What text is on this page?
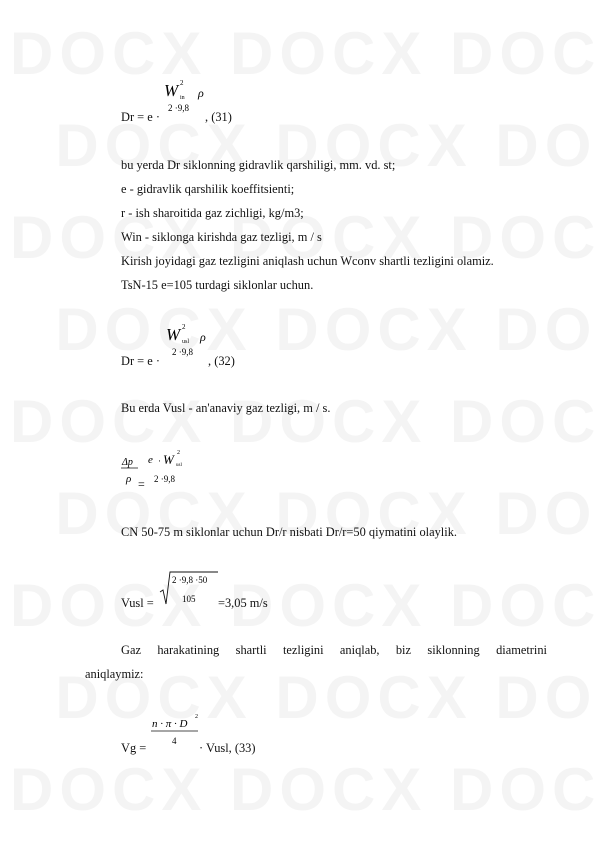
W 2
in ρ
2 ·9,8
Dr = e ·	, (31)
bu yerda Dr siklonning gidravlik qarshiligi, mm. vd. st;
e - gidravlik qarshilik koeffitsienti;
r - ish sharoitida gaz zichligi, kg/m3;
Win - siklonga kirishda gaz tezligi, m / s
Kirish joyidagi gaz tezligini aniqlash uchun Wconv shartli tezligini olamiz.
TsN-15 e=105 turdagi siklonlar uchun.
W 2
usl ρ
2 ·9,8
Dr = e ·	, (32)
Bu erda Vusl - an'anaviy gaz tezligi, m / s.
Δp
ρ =
e · W 2
usl
2 ·9,8
CN 50-75 m siklonlar uchun Dr/r nisbati Dr/r=50 qiymatini olaylik.
Vusl =
2 ·9,8 ·50
105 =3,05 m/s
Gaz harakatining shartli tezligini aniqlab, biz siklonning diametrini
aniqlaymiz:
n · π · D
2
4
Vg =	· Vusl, (33)
